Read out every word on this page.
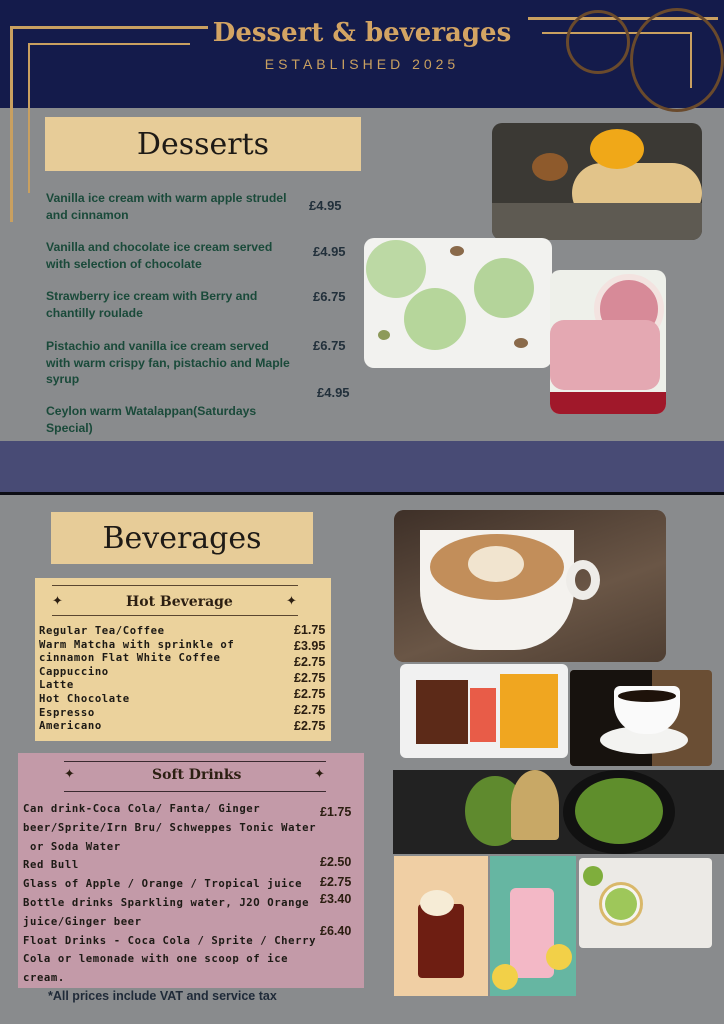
Dessert & beverages
ESTABLISHED 2025
Desserts
Vanilla ice cream with warm apple strudel and cinnamon
£4.95
Vanilla and chocolate ice cream served with selection of chocolate
£4.95
Strawberry ice cream with Berry and chantilly roulade
£6.75
Pistachio and vanilla ice cream served with warm crispy fan, pistachio and Maple syrup
£6.75
Ceylon warm Watalappan(Saturdays Special)
£4.95
Beverages
✦	✦
Hot Beverage
Regular Tea/Coffee
Warm Matcha with sprinkle of
cinnamon Flat White Coffee
Cappuccino
Latte
Hot Chocolate
Espresso
Americano
£1.75
£3.95
£2.75
£2.75
£2.75
£2.75
£2.75
✦	✦
Soft Drinks
Can drink-Coca Cola/ Fanta/ Ginger
beer/Sprite/Irn Bru/ Schweppes Tonic Water
or Soda Water
Red Bull
Glass of Apple / Orange / Tropical juice
Bottle drinks Sparkling water, J2O Orange
juice/Ginger beer
Float Drinks - Coca Cola / Sprite / Cherry
Cola or lemonade with one scoop of ice
cream.
£1.75
£2.50
£2.75
£3.40
£6.40
*All prices include VAT and service tax
